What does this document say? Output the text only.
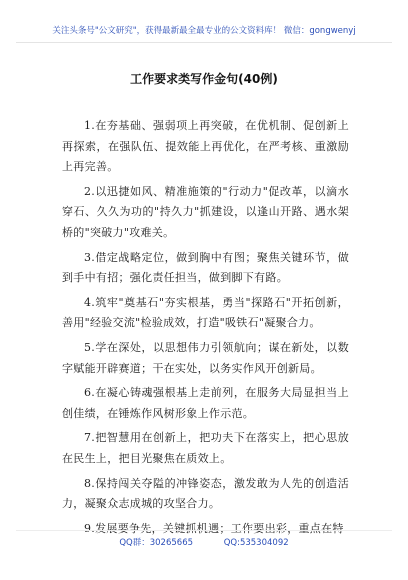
关注头条号"公文研究"，获得最新最全最专业的公文资料库！ 微信：gongwenyj
工作要求类写作金句(40例)

1.在夯基础、强弱项上再突破，在优机制、促创新上再探索，在强队伍、提效能上再优化，在严考核、重激励上再完善。

2.以迅捷如风、精准施策的"行动力"促改革，以滴水穿石、久久为功的"持久力"抓建设，以逢山开路、遇水架桥的"突破力"攻难关。

3.借定战略定位，做到胸中有图；聚焦关键环节，做到手中有招；强化责任担当，做到脚下有路。

4.筑牢"奠基石"夯实根基，勇当"探路石"开拓创新，善用"经验交流"检验成效，打造"吸铁石"凝聚合力。

5.学在深处，以思想伟力引领航向；谋在新处，以数字赋能开辟赛道；干在实处，以务实作风开创新局。

6.在凝心铸魂强根基上走前列，在服务大局显担当上创佳绩，在锤炼作风树形象上作示范。

7.把智慧用在创新上，把功夫下在落实上，把心思放在民生上，把目光聚焦在质效上。

8.保持闯关夺隘的冲锋姿态，激发敢为人先的创造活力，凝聚众志成城的攻坚合力。

9.发展要争先，关键抓机遇；工作要出彩，重点在特

QQ群：30265665	QQ:535304092
